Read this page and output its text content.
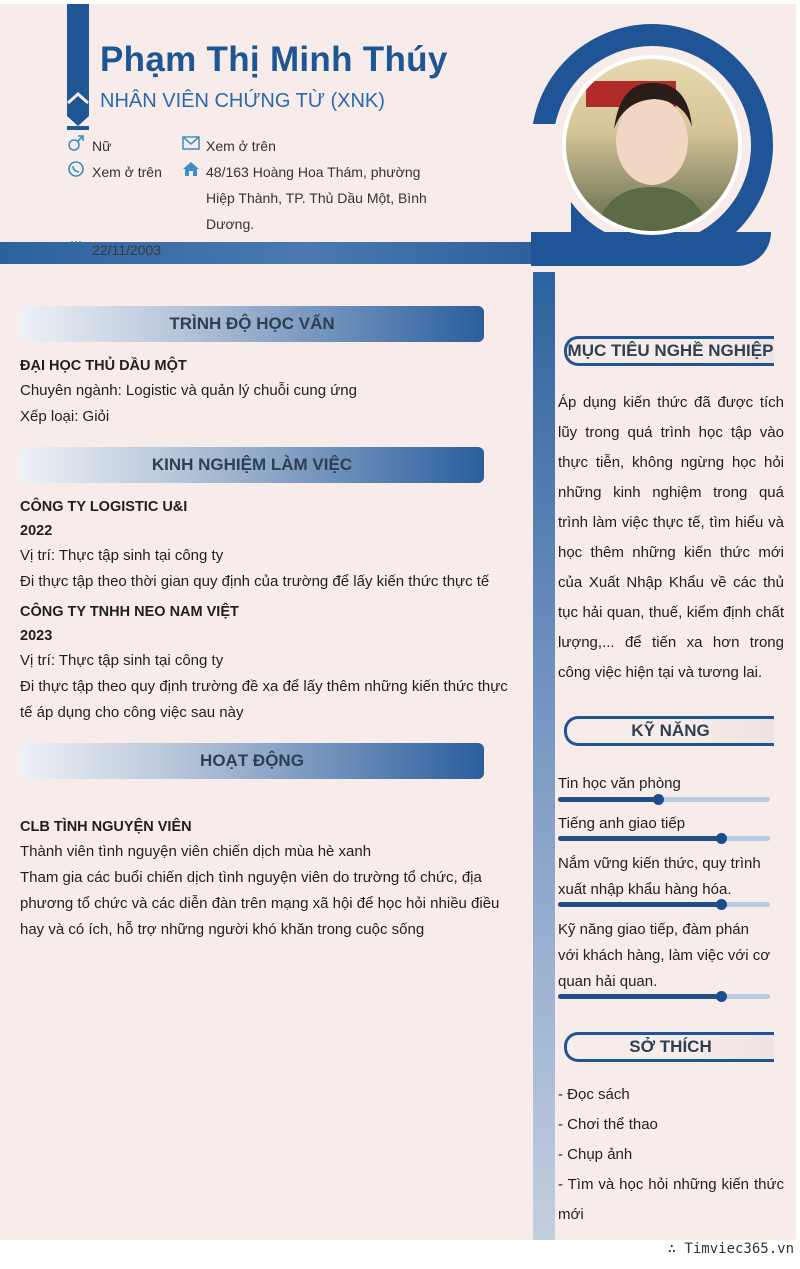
Phạm Thị Minh Thúy
NHÂN VIÊN CHỨNG TỪ (XNK)
Nữ
Xem ở trên
Xem ở trên
48/163 Hoàng Hoa Thám, phường
Hiệp Thành, TP. Thủ Dầu Một, Bình
Dương.
22/11/2003
TRÌNH ĐỘ HỌC VẤN
ĐẠI HỌC THỦ DẦU MỘT
Chuyên ngành: Logistic và quản lý chuỗi cung ứng
Xếp loại: Giỏi
KINH NGHIỆM LÀM VIỆC
CÔNG TY LOGISTIC U&I
2022
Vị trí: Thực tập sinh tại công ty
Đi thực tập theo thời gian quy định của trường để lấy kiến thức thực tế
CÔNG TY TNHH NEO NAM VIỆT
2023
Vị trí: Thực tập sinh tại công ty
Đi thực tập theo quy định trường đề xa để lấy thêm những kiến thức thực
tế áp dụng cho công việc sau này
HOẠT ĐỘNG
CLB TÌNH NGUYỆN VIÊN
Thành viên tình nguyện viên chiến dịch mùa hè xanh
Tham gia các buổi chiến dịch tình nguyện viên do trường tổ chức, địa
phương tổ chức và các diễn đàn trên mạng xã hội để học hỏi nhiều điều
hay và có ích, hỗ trợ những người khó khăn trong cuộc sống
MỤC TIÊU NGHỀ NGHIỆP
Áp dụng kiến thức đã được tích lũy trong quá trình học tập vào thực tiễn, không ngừng học hỏi những kinh nghiệm trong quá trình làm việc thực tế, tìm hiểu và học thêm những kiến thức mới của Xuất Nhập Khẩu về các thủ tục hải quan, thuế, kiểm định chất lượng,... để tiến xa hơn trong công việc hiện tại và tương lai.
KỸ NĂNG
Tin học văn phòng
Tiếng anh giao tiếp
Nắm vững kiến thức, quy trình xuất nhập khẩu hàng hóa.
Kỹ năng giao tiếp, đàm phán với khách hàng, làm việc với cơ quan hải quan.
SỞ THÍCH
- Đọc sách
- Chơi thể thao
- Chụp ảnh
- Tìm và học hỏi những kiến thức mới
∴ Timviec365.vn
